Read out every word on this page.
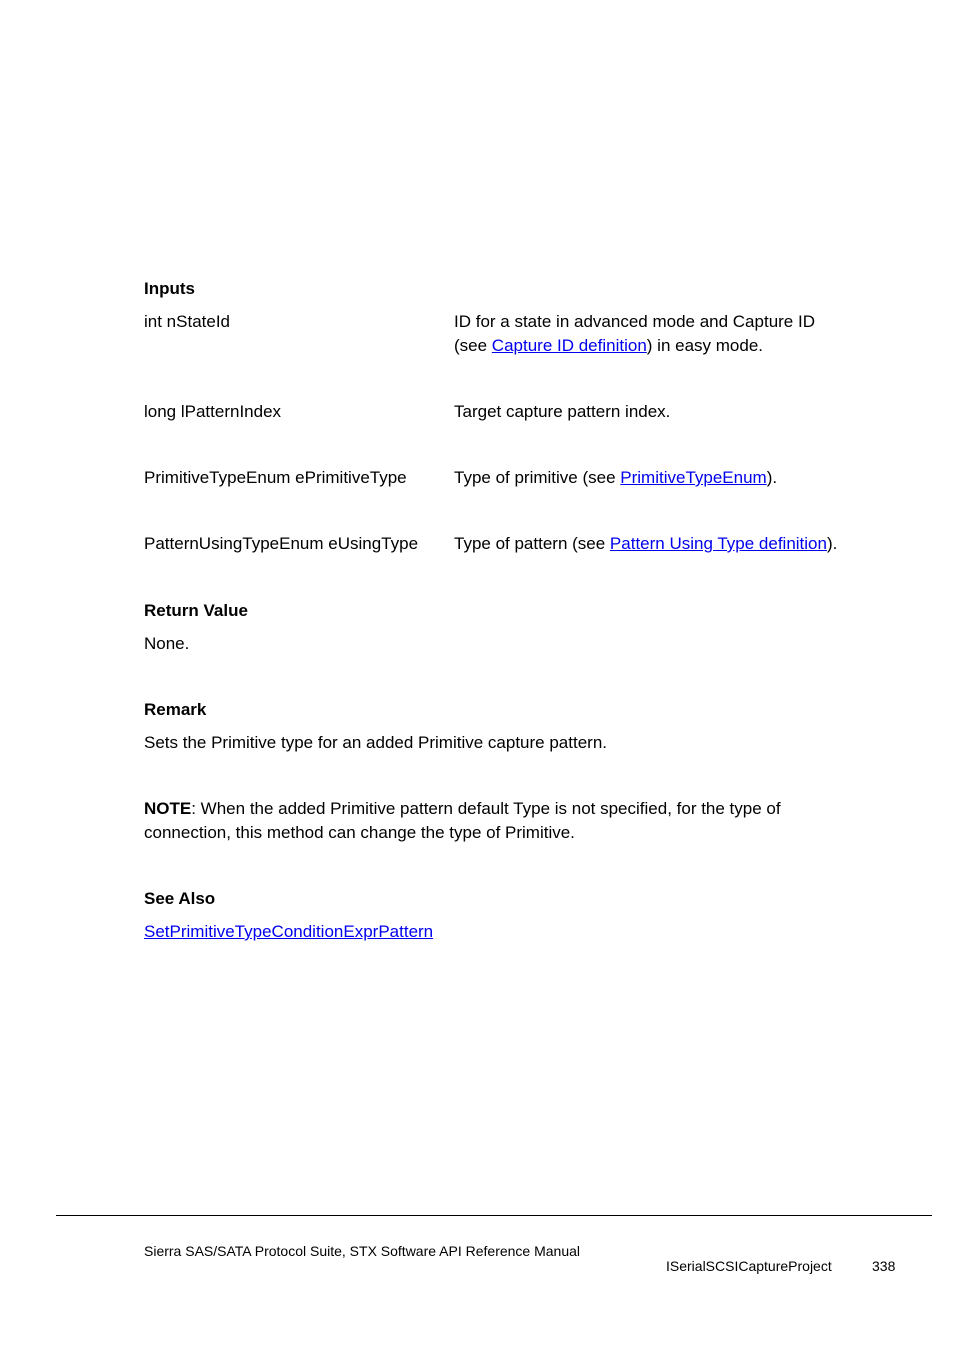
Inputs
int nStateId	ID for a state in advanced mode and Capture ID
(see Capture ID definition) in easy mode.
long lPatternIndex	Target capture pattern index.
PrimitiveTypeEnum ePrimitiveType	Type of primitive (see PrimitiveTypeEnum).
PatternUsingTypeEnum eUsingType	Type of pattern (see Pattern Using Type definition).
Return Value
None.
Remark
Sets the Primitive type for an added Primitive capture pattern.
NOTE: When the added Primitive pattern default Type is not specified, for the type of
connection, this method can change the type of Primitive.
See Also
SetPrimitiveTypeConditionExprPattern
Sierra SAS/SATA Protocol Suite, STX Software API Reference Manual
ISerialSCSICaptureProject	338
